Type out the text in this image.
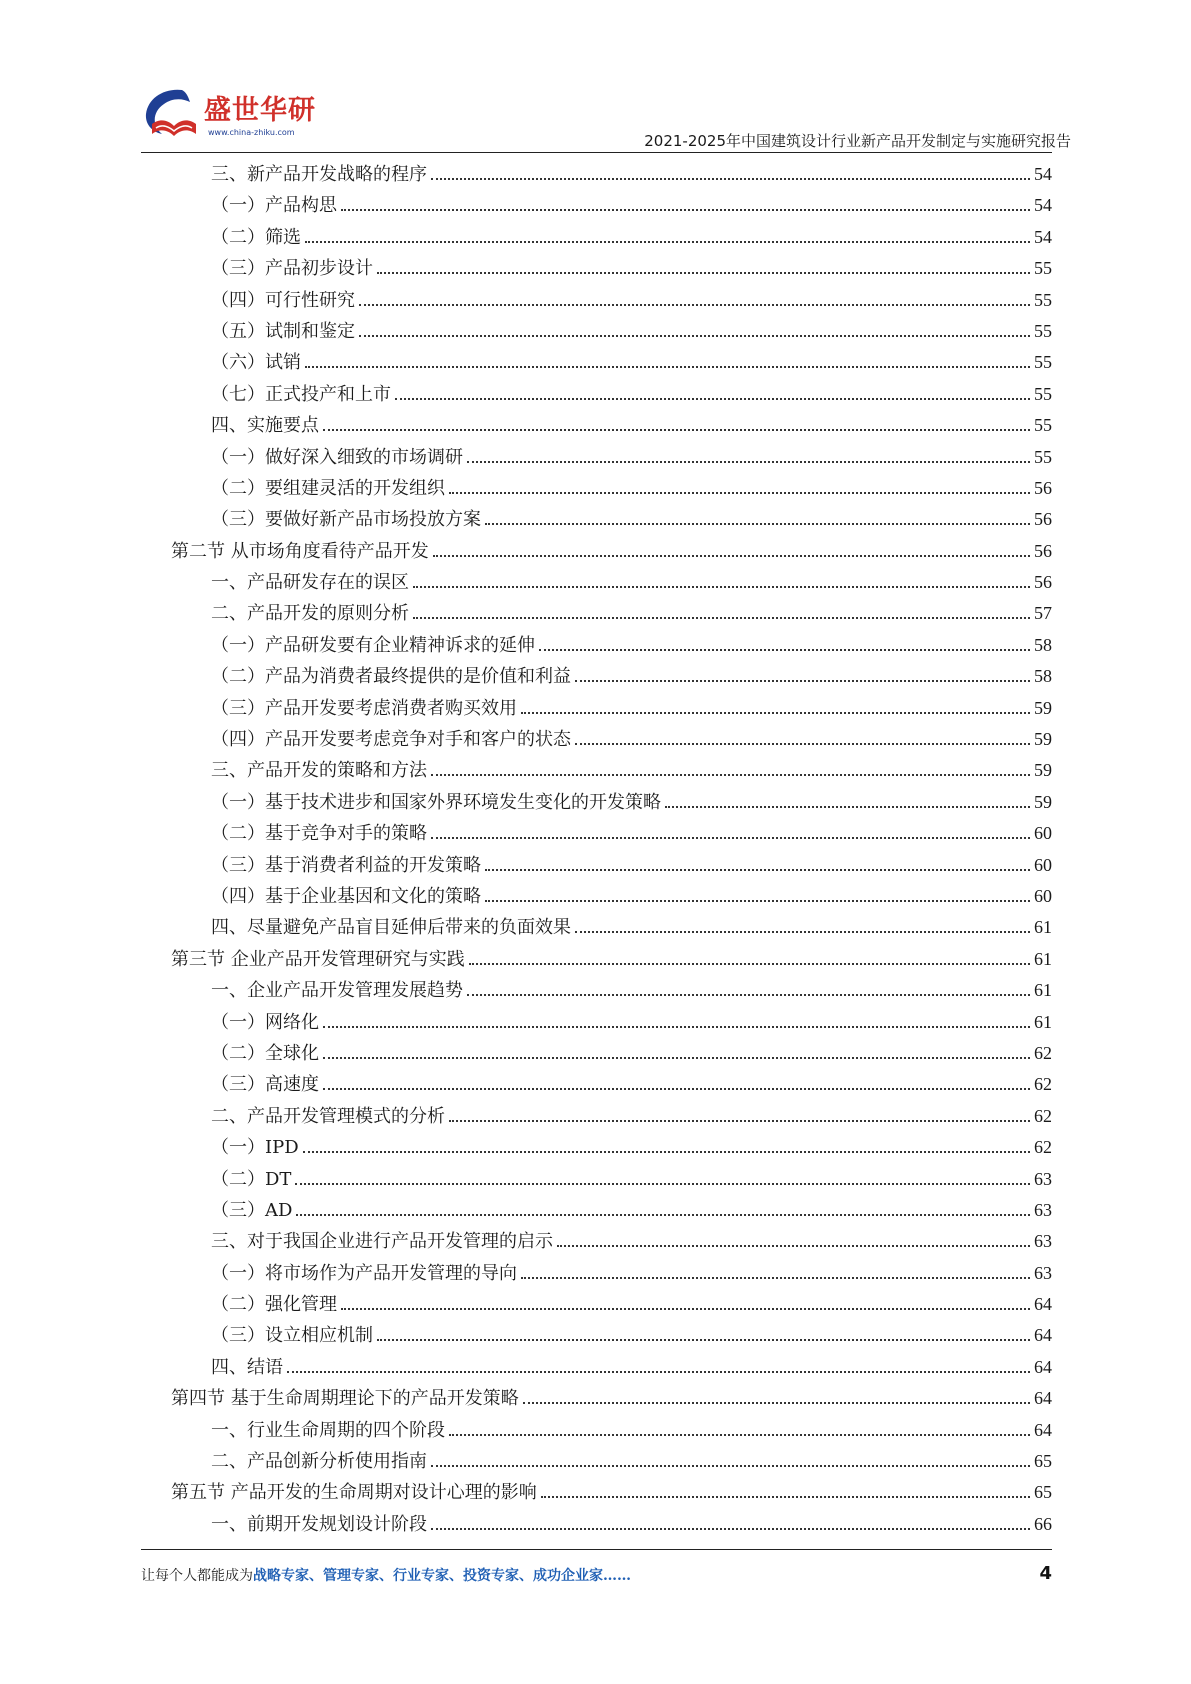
盛世华研
www.china-zhiku.com	2021-2025年中国建筑设计行业新产品开发制定与实施研究报告
三、新产品开发战略的程序	54
（一）产品构思	54
（二）筛选	54
（三）产品初步设计	55
（四）可行性研究	55
（五）试制和鉴定	55
（六）试销	55
（七）正式投产和上市	55
四、实施要点	55
（一）做好深入细致的市场调研	55
（二）要组建灵活的开发组织	56
（三）要做好新产品市场投放方案	56
第二节 从市场角度看待产品开发	56
一、产品研发存在的误区	56
二、产品开发的原则分析	57
（一）产品研发要有企业精神诉求的延伸	58
（二）产品为消费者最终提供的是价值和利益	58
（三）产品开发要考虑消费者购买效用	59
（四）产品开发要考虑竞争对手和客户的状态	59
三、产品开发的策略和方法	59
（一）基于技术进步和国家外界环境发生变化的开发策略	59
（二）基于竞争对手的策略	60
（三）基于消费者利益的开发策略	60
（四）基于企业基因和文化的策略	60
四、尽量避免产品盲目延伸后带来的负面效果	61
第三节 企业产品开发管理研究与实践	61
一、企业产品开发管理发展趋势	61
（一）网络化	61
（二）全球化	62
（三）高速度	62
二、产品开发管理模式的分析	62
（一）IPD	62
（二）DT	63
（三）AD	63
三、对于我国企业进行产品开发管理的启示	63
（一）将市场作为产品开发管理的导向	63
（二）强化管理	64
（三）设立相应机制	64
四、结语	64
第四节 基于生命周期理论下的产品开发策略	64
一、行业生命周期的四个阶段	64
二、产品创新分析使用指南	65
第五节 产品开发的生命周期对设计心理的影响	65
一、前期开发规划设计阶段	66
让每个人都能成为战略专家、管理专家、行业专家、投资专家、成功企业家……	4
